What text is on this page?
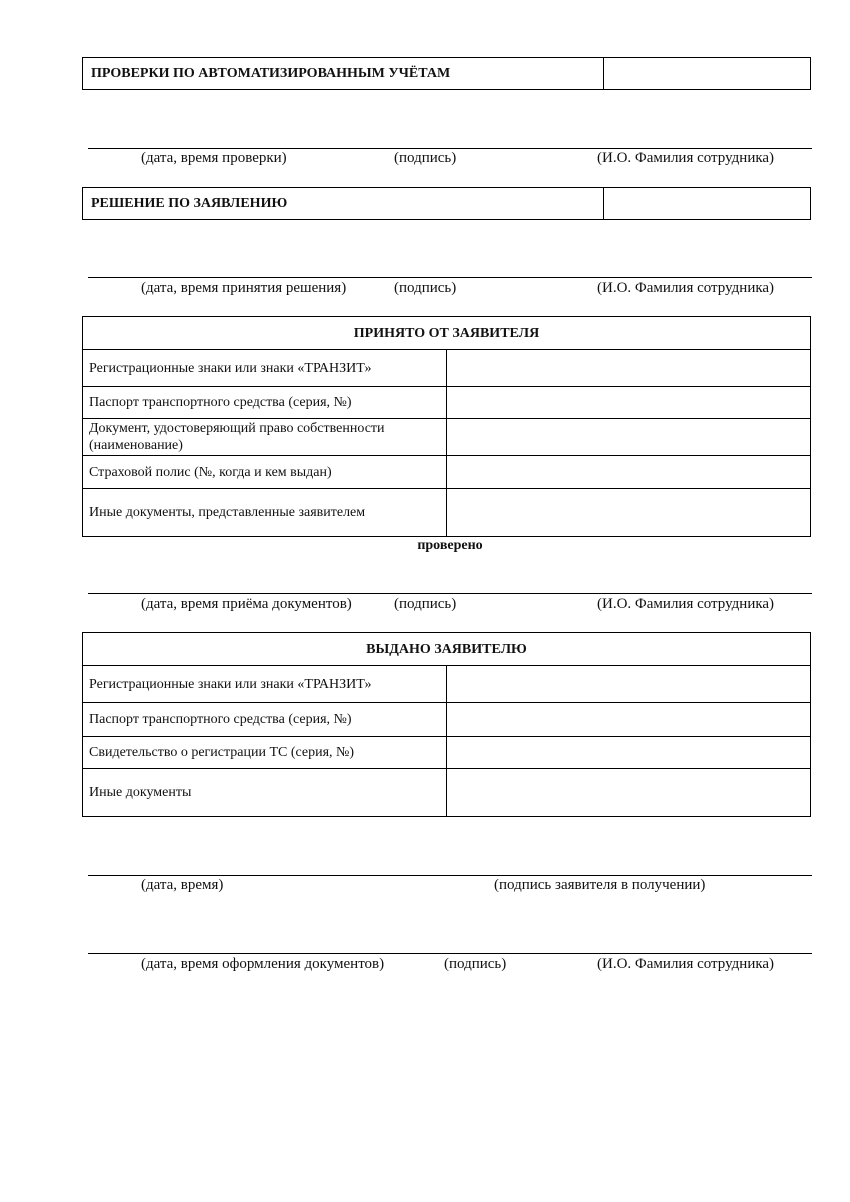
ПРОВЕРКИ ПО АВТОМАТИЗИРОВАННЫМ УЧЁТАМ
(дата, время проверки)	(подпись)	(И.О. Фамилия сотрудника)
РЕШЕНИЕ ПО ЗАЯВЛЕНИЮ
(дата, время принятия решения)	(подпись)	(И.О. Фамилия сотрудника)
ПРИНЯТО ОТ ЗАЯВИТЕЛЯ	
Регистрационные знаки или знаки «ТРАНЗИТ»	
Паспорт транспортного средства (серия, №)	
Документ, удостоверяющий право собственности (наименование)	
Страховой полис (№, когда и кем выдан)	
Иные документы, представленные заявителем	
проверено
(дата, время приёма документов)	(подпись)	(И.О. Фамилия сотрудника)
ВЫДАНО ЗАЯВИТЕЛЮ	
Регистрационные знаки или знаки «ТРАНЗИТ»	
Паспорт транспортного средства (серия, №)	
Свидетельство о регистрации ТС (серия, №)	
Иные документы	
(дата, время)	(подпись заявителя в получении)
(дата, время оформления документов)	(подпись)	(И.О. Фамилия сотрудника)
